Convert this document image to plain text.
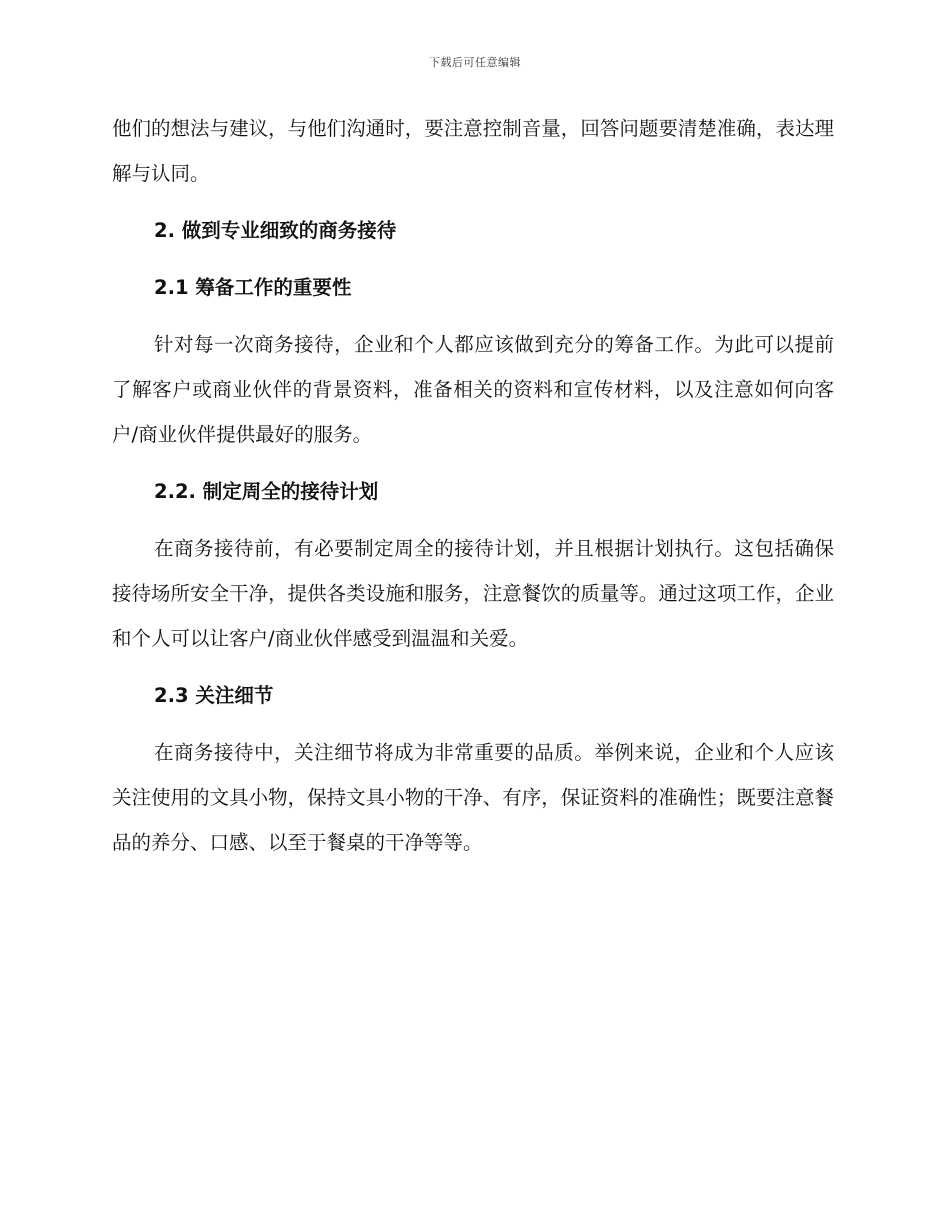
下载后可任意编辑

他们的想法与建议，与他们沟通时，要注意控制音量，回答问题要清楚准确，表达理解与认同。

2. 做到专业细致的商务接待
2.1 筹备工作的重要性

针对每一次商务接待，企业和个人都应该做到充分的筹备工作。为此可以提前了解客户或商业伙伴的背景资料，准备相关的资料和宣传材料，以及注意如何向客户/商业伙伴提供最好的服务。

2.2. 制定周全的接待计划

在商务接待前，有必要制定周全的接待计划，并且根据计划执行。这包括确保接待场所安全干净，提供各类设施和服务，注意餐饮的质量等。通过这项工作，企业和个人可以让客户/商业伙伴感受到温温和关爱。

2.3 关注细节

在商务接待中，关注细节将成为非常重要的品质。举例来说，企业和个人应该关注使用的文具小物，保持文具小物的干净、有序，保证资料的准确性；既要注意餐品的养分、口感、以至于餐桌的干净等等。
